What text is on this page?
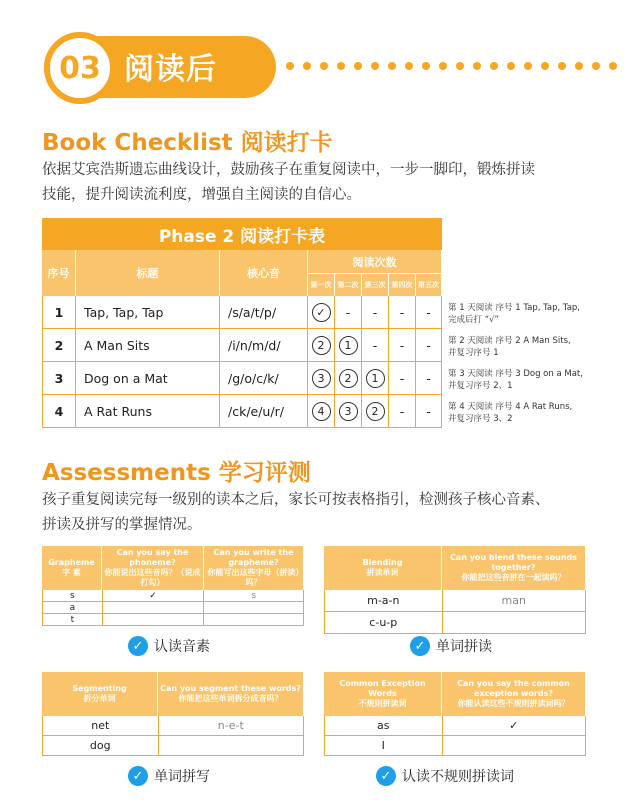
03 阅读后
Book Checklist 阅读打卡
依据艾宾浩斯遗忘曲线设计，鼓励孩子在重复阅读中，一步一脚印，锻炼拼读
技能，提升阅读流利度，增强自主阅读的自信心。
Phase 2 阅读打卡表
序号	标题	核心音
阅读次数
第一次 第二次 第三次 第四次 第五次
1	Tap, Tap, Tap	/s/a/t/p/	✓	-	-	-	-
2	A Man Sits	/i/n/m/d/	2	1	-	-	-
3	Dog on a Mat	/g/o/c/k/	3	2	1	-	-
4	A Rat Runs	/ck/e/u/r/	4	3	2	-	-
第 1 天阅读 序号 1 Tap, Tap, Tap,
完成后打 “√”
第 2 天阅读 序号 2 A Man Sits,
并复习序号 1
第 3 天阅读 序号 3 Dog on a Mat,
并复习序号 2、1
第 4 天阅读 序号 4 A Rat Runs,
并复习序号 3、2
Assessments 学习评测
孩子重复阅读完每一级别的读本之后，家长可按表格指引，检测孩子核心音素、
拼读及拼写的掌握情况。
Grapheme
字 素
Can you say the phoneme?
你能说出这些音吗？（说成打勾）
Can you write the grapheme?
你能写出这些字母（拼读）吗？
s	✓	s
a
t
✓ 认读音素
Blending
拼读单词
Can you blend these sounds together?
你能把这些音拼在一起读吗？
m-a-n	man
c-u-p
✓ 单词拼读
Segmenting
拆分单词
Can you segment these words?
你能把这些单词拆分成音吗？
net	n-e-t
dog
✓ 单词拼写
Common Exception Words
不规则拼读词
Can you say the common exception words?
你能认读这些不规则拼读词吗？
as	✓
I
✓ 认读不规则拼读词
